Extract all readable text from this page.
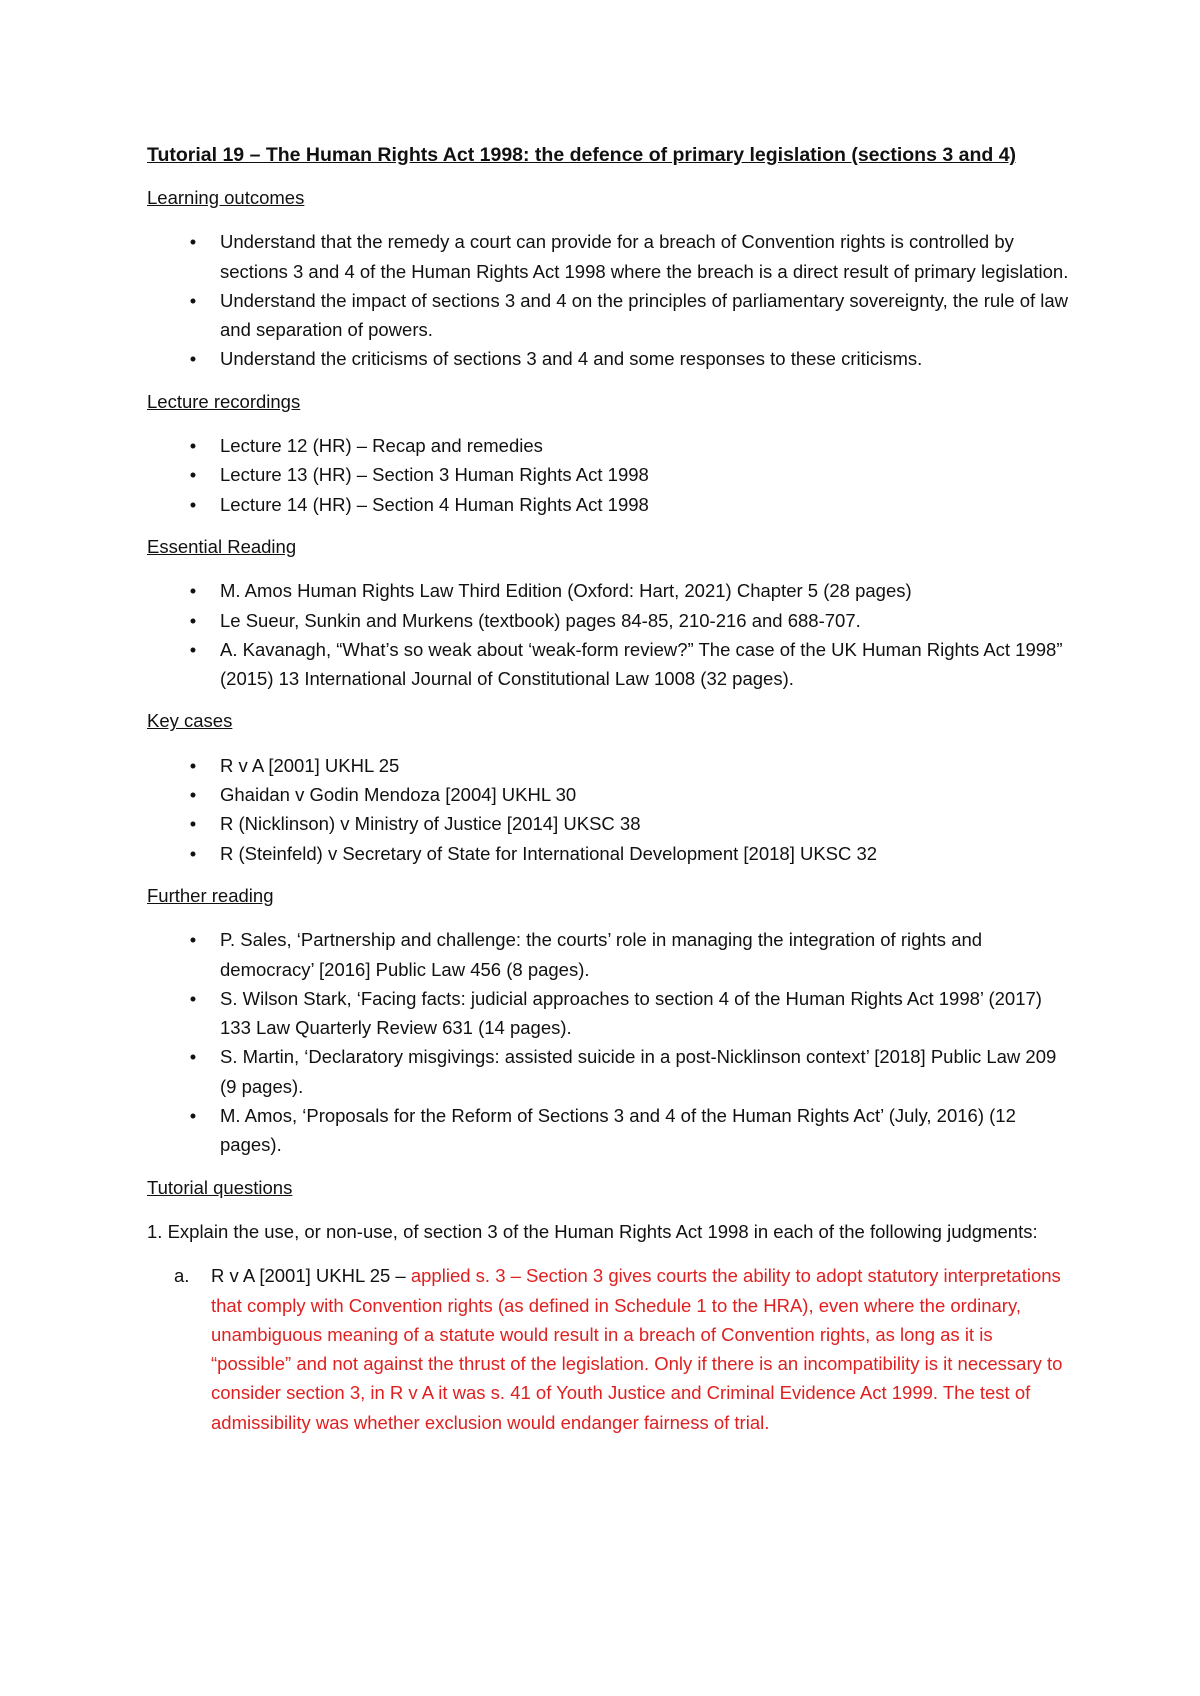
Tutorial 19 – The Human Rights Act 1998: the defence of primary legislation (sections 3 and 4)
Learning outcomes
• Understand that the remedy a court can provide for a breach of Convention rights is controlled by sections 3 and 4 of the Human Rights Act 1998 where the breach is a direct result of primary legislation.
• Understand the impact of sections 3 and 4 on the principles of parliamentary sovereignty, the rule of law and separation of powers.
• Understand the criticisms of sections 3 and 4 and some responses to these criticisms.
Lecture recordings
• Lecture 12 (HR) – Recap and remedies
• Lecture 13 (HR) – Section 3 Human Rights Act 1998
• Lecture 14 (HR) – Section 4 Human Rights Act 1998
Essential Reading
• M. Amos Human Rights Law Third Edition (Oxford: Hart, 2021) Chapter 5 (28 pages)
• Le Sueur, Sunkin and Murkens (textbook) pages 84-85, 210-216 and 688-707.
• A. Kavanagh, “What’s so weak about ‘weak-form review?” The case of the UK Human Rights Act 1998” (2015) 13 International Journal of Constitutional Law 1008 (32 pages).
Key cases
• R v A [2001] UKHL 25
• Ghaidan v Godin Mendoza [2004] UKHL 30
• R (Nicklinson) v Ministry of Justice [2014] UKSC 38
• R (Steinfeld) v Secretary of State for International Development [2018] UKSC 32
Further reading
• P. Sales, ‘Partnership and challenge: the courts’ role in managing the integration of rights and democracy’ [2016] Public Law 456 (8 pages).
• S. Wilson Stark, ‘Facing facts: judicial approaches to section 4 of the Human Rights Act 1998’ (2017) 133 Law Quarterly Review 631 (14 pages).
• S. Martin, ‘Declaratory misgivings: assisted suicide in a post-Nicklinson context’ [2018] Public Law 209 (9 pages).
• M. Amos, ‘Proposals for the Reform of Sections 3 and 4 of the Human Rights Act’ (July, 2016) (12 pages).
Tutorial questions
1. Explain the use, or non-use, of section 3 of the Human Rights Act 1998 in each of the following judgments:
a. R v A [2001] UKHL 25 – applied s. 3 – Section 3 gives courts the ability to adopt statutory interpretations that comply with Convention rights (as defined in Schedule 1 to the HRA), even where the ordinary, unambiguous meaning of a statute would result in a breach of Convention rights, as long as it is “possible” and not against the thrust of the legislation. Only if there is an incompatibility is it necessary to consider section 3, in R v A it was s. 41 of Youth Justice and Criminal Evidence Act 1999. The test of admissibility was whether exclusion would endanger fairness of trial.
